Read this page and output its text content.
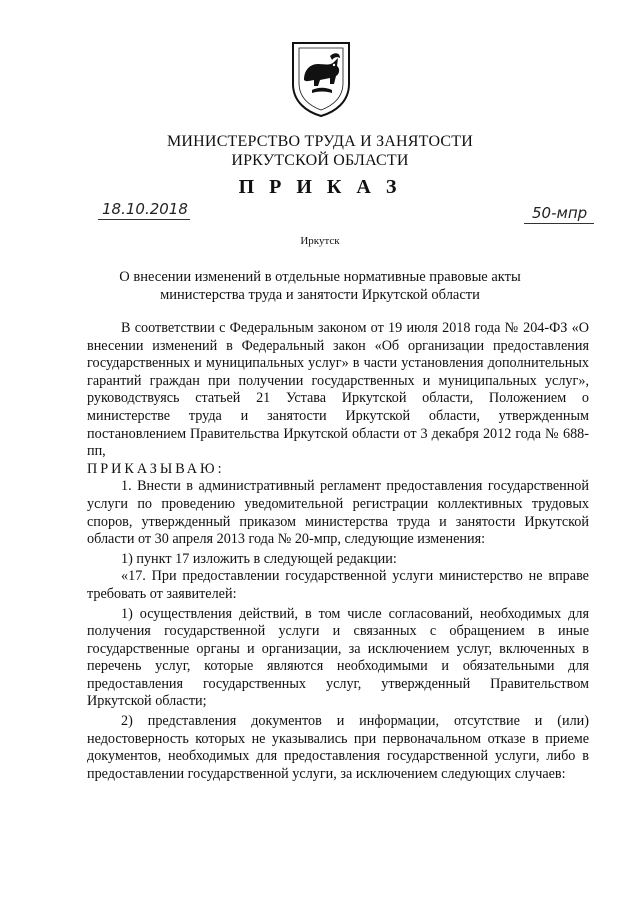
МИНИСТЕРСТВО ТРУДА И ЗАНЯТОСТИ
ИРКУТСКОЙ ОБЛАСТИ
П Р И К А З
18.10.2018	50-мпр
Иркутск
О внесении изменений в отдельные нормативные правовые акты
министерства труда и занятости Иркутской области

В соответствии с Федеральным законом от 19 июля 2018 года № 204-ФЗ «О внесении изменений в Федеральный закон «Об организации предоставления государственных и муниципальных услуг» в части установления дополнительных гарантий граждан при получении государственных и муниципальных услуг», руководствуясь статьей 21 Устава Иркутской области, Положением о министерстве труда и занятости Иркутской области, утвержденным постановлением Правительства Иркутской области от 3 декабря 2012 года № 688-пп,

ПРИКАЗЫВАЮ:

1. Внести в административный регламент предоставления государственной услуги по проведению уведомительной регистрации коллективных трудовых споров, утвержденный приказом министерства труда и занятости Иркутской области от 30 апреля 2013 года № 20-мпр, следующие изменения:

1) пункт 17 изложить в следующей редакции:

«17. При предоставлении государственной услуги министерство не вправе требовать от заявителей:

1) осуществления действий, в том числе согласований, необходимых для получения государственной услуги и связанных с обращением в иные государственные органы и организации, за исключением услуг, включенных в перечень услуг, которые являются необходимыми и обязательными для предоставления государственных услуг, утвержденный Правительством Иркутской области;

2) представления документов и информации, отсутствие и (или) недостоверность которых не указывались при первоначальном отказе в приеме документов, необходимых для предоставления государственной услуги, либо в предоставлении государственной услуги, за исключением следующих случаев:
